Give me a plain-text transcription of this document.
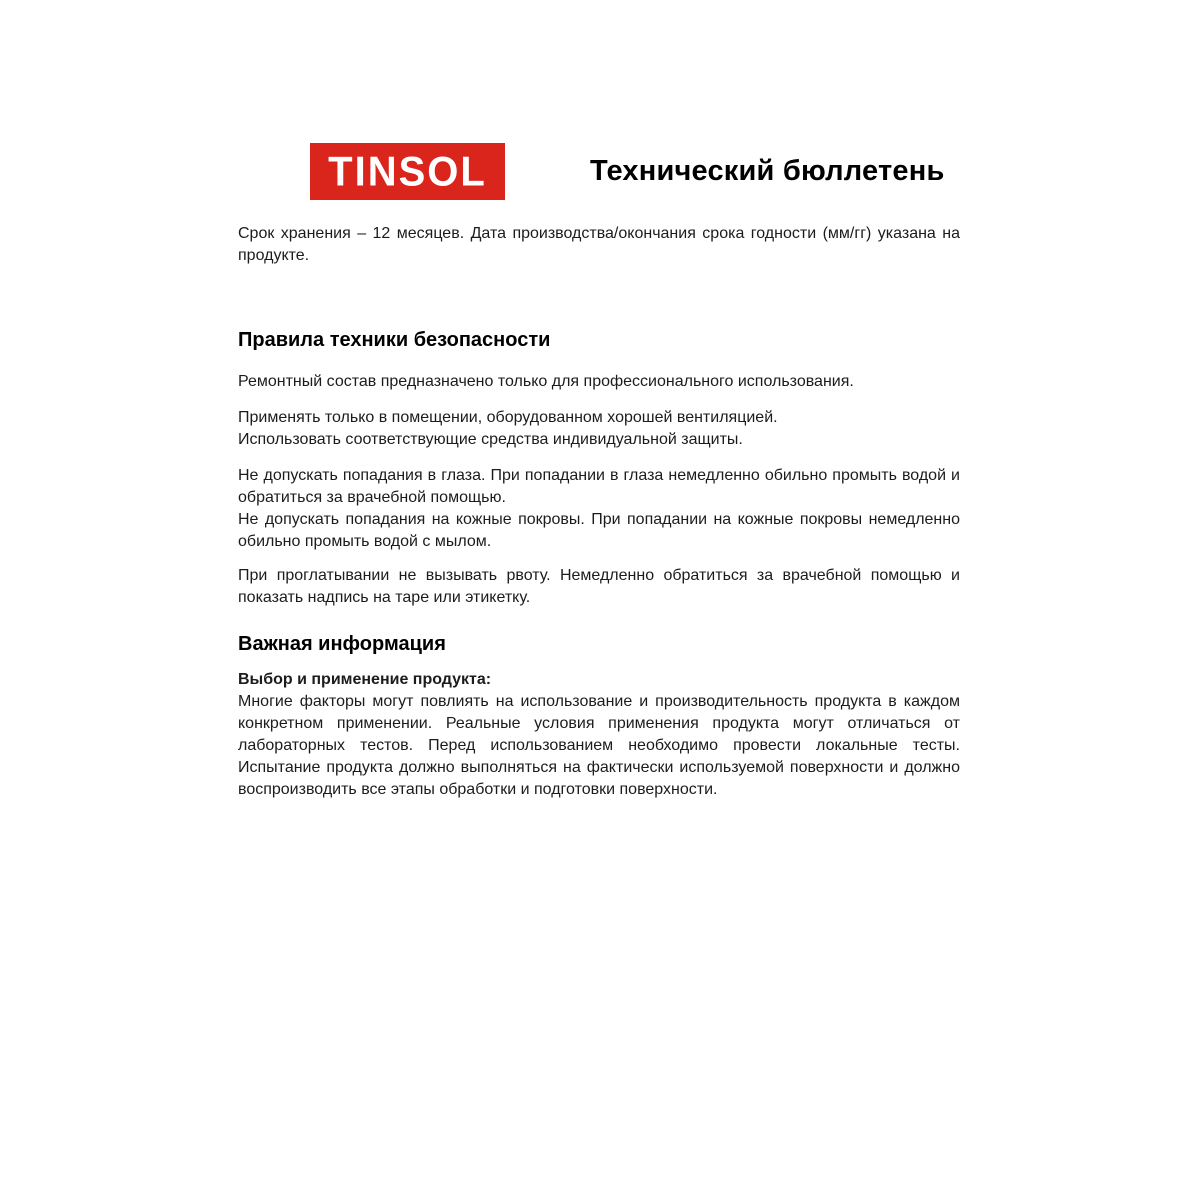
TINSOL	Технический бюллетень
Срок хранения – 12 месяцев. Дата производства/окончания срока годности (мм/гг) указана на продукте.
Правила техники безопасности
Ремонтный состав предназначено только для профессионального использования.
Применять только в помещении, оборудованном хорошей вентиляцией.
Использовать соответствующие средства индивидуальной защиты.
Не допускать попадания в глаза. При попадании в глаза немедленно обильно промыть водой и обратиться за врачебной помощью.
Не допускать попадания на кожные покровы. При попадании на кожные покровы немедленно обильно промыть водой с мылом.
При проглатывании не вызывать рвоту. Немедленно обратиться за врачебной помощью и показать надпись на таре или этикетку.
Важная информация
Выбор и применение продукта:
Многие факторы могут повлиять на использование и производительность продукта в каждом конкретном применении. Реальные условия применения продукта могут отличаться от лабораторных тестов. Перед использованием необходимо провести локальные тесты. Испытание продукта должно выполняться на фактически используемой поверхности и должно воспроизводить все этапы обработки и подготовки поверхности.
